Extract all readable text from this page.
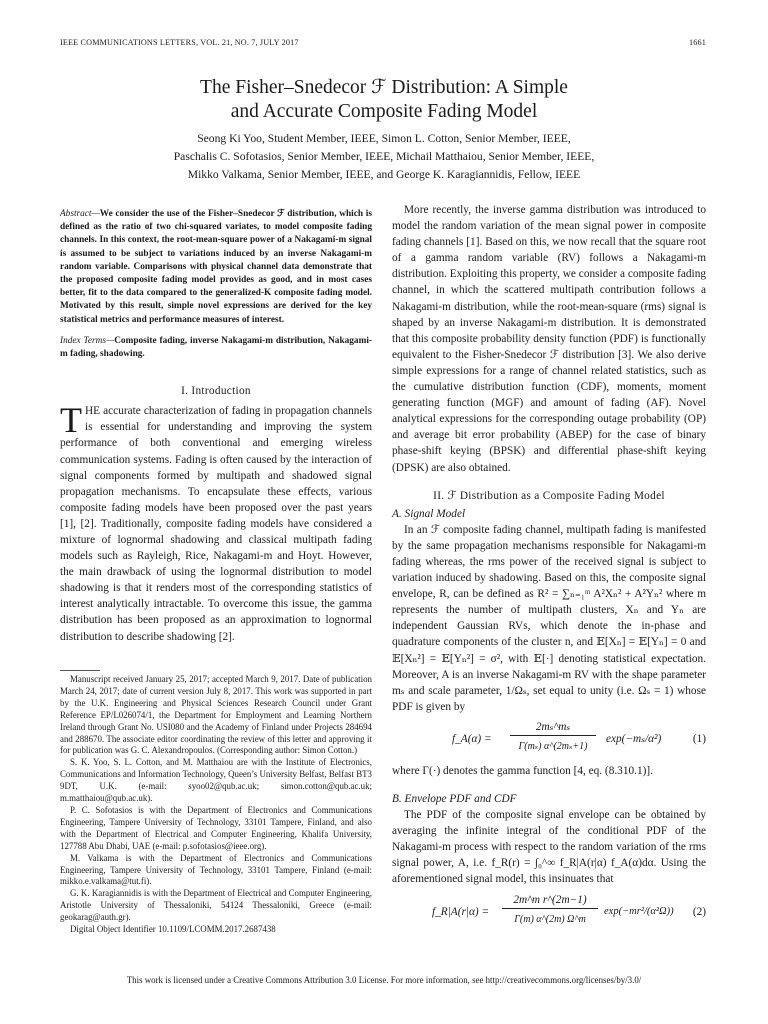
IEEE COMMUNICATIONS LETTERS, VOL. 21, NO. 7, JULY 2017	1661
The Fisher–Snedecor ℱ Distribution: A Simple
and Accurate Composite Fading Model
Seong Ki Yoo, Student Member, IEEE, Simon L. Cotton, Senior Member, IEEE,
Paschalis C. Sofotasios, Senior Member, IEEE, Michail Matthaiou, Senior Member, IEEE,
Mikko Valkama, Senior Member, IEEE, and George K. Karagiannidis, Fellow, IEEE
Abstract—We consider the use of the Fisher–Snedecor ℱ distribution, which is defined as the ratio of two chi-squared variates, to model composite fading channels. In this context, the root-mean-square power of a Nakagami-m signal is assumed to be subject to variations induced by an inverse Nakagami-m random variable. Comparisons with physical channel data demonstrate that the proposed composite fading model provides as good, and in most cases better, fit to the data compared to the generalized-K composite fading model. Motivated by this result, simple novel expressions are derived for the key statistical metrics and performance measures of interest.
Index Terms—Composite fading, inverse Nakagami-m distribution, Nakagami-m fading, shadowing.
I. Introduction

THE accurate characterization of fading in propagation channels is essential for understanding and improving the system performance of both conventional and emerging wireless communication systems. Fading is often caused by the interaction of signal components formed by multipath and shadowed signal propagation mechanisms. To encapsulate these effects, various composite fading models have been proposed over the past years [1], [2]. Traditionally, composite fading models have considered a mixture of lognormal shadowing and classical multipath fading models such as Rayleigh, Rice, Nakagami-m and Hoyt. However, the main drawback of using the lognormal distribution to model shadowing is that it renders most of the corresponding statistics of interest analytically intractable. To overcome this issue, the gamma distribution has been proposed as an approximation to lognormal distribution to describe shadowing [2].

Manuscript received January 25, 2017; accepted March 9, 2017. Date of publication March 24, 2017; date of current version July 8, 2017. This work was supported in part by the U.K. Engineering and Physical Sciences Research Council under Grant Reference EP/L026074/1, the Department for Employment and Learning Northern Ireland through Grant No. USI080 and the Academy of Finland under Projects 284694 and 288670. The associate editor coordinating the review of this letter and approving it for publication was G. C. Alexandropoulos. (Corresponding author: Simon Cotton.)

S. K. Yoo, S. L. Cotton, and M. Matthaiou are with the Institute of Electronics, Communications and Information Technology, Queen’s University Belfast, Belfast BT3 9DT, U.K. (e-mail: syoo02@qub.ac.uk; simon.cotton@qub.ac.uk; m.matthaiou@qub.ac.uk).

P. C. Sofotasios is with the Department of Electronics and Communications Engineering, Tampere University of Technology, 33101 Tampere, Finland, and also with the Department of Electrical and Computer Engineering, Khalifa University, 127788 Abu Dhabi, UAE (e-mail: p.sofotasios@ieee.org).

M. Valkama is with the Department of Electronics and Communications Engineering, Tampere University of Technology, 33101 Tampere, Finland (e-mail: mikko.e.valkama@tut.fi).

G. K. Karagiannidis is with the Department of Electrical and Computer Engineering, Aristotle University of Thessaloniki, 54124 Thessaloniki, Greece (e-mail: geokarag@auth.gr).

Digital Object Identifier 10.1109/LCOMM.2017.2687438

More recently, the inverse gamma distribution was introduced to model the random variation of the mean signal power in composite fading channels [1]. Based on this, we now recall that the square root of a gamma random variable (RV) follows a Nakagami-m distribution. Exploiting this property, we consider a composite fading channel, in which the scattered multipath contribution follows a Nakagami-m distribution, while the root-mean-square (rms) signal is shaped by an inverse Nakagami-m distribution. It is demonstrated that this composite probability density function (PDF) is functionally equivalent to the Fisher-Snedecor ℱ distribution [3]. We also derive simple expressions for a range of channel related statistics, such as the cumulative distribution function (CDF), moments, moment generating function (MGF) and amount of fading (AF). Novel analytical expressions for the corresponding outage probability (OP) and average bit error probability (ABEP) for the case of binary phase-shift keying (BPSK) and differential phase-shift keying (DPSK) are also obtained.

II. ℱ Distribution as a Composite Fading Model
A. Signal Model

In an ℱ composite fading channel, multipath fading is manifested by the same propagation mechanisms responsible for Nakagami-m fading whereas, the rms power of the received signal is subject to variation induced by shadowing. Based on this, the composite signal envelope, R, can be defined as R² = ∑ₙ₌₁ᵐ A²Xₙ² + A²Yₙ² where m represents the number of multipath clusters, Xₙ and Yₙ are independent Gaussian RVs, which denote the in-phase and quadrature components of the cluster n, and 𝔼[Xₙ] = 𝔼[Yₙ] = 0 and 𝔼[Xₙ²] = 𝔼[Yₙ²] = σ², with 𝔼[·] denoting statistical expectation. Moreover, A is an inverse Nakagami-m RV with the shape parameter mₛ and scale parameter, 1/Ωₛ, set equal to unity (i.e. Ωₛ = 1) whose PDF is given by

f_A(α) =
2mₛ^mₛ
Γ(mₛ) α^(2mₛ+1)
exp(−mₛ/α²)	(1)

where Γ(·) denotes the gamma function [4, eq. (8.310.1)].

B. Envelope PDF and CDF

The PDF of the composite signal envelope can be obtained by averaging the infinite integral of the conditional PDF of the Nakagami-m process with respect to the random variation of the rms signal power, A, i.e. f_R(r) = ∫₀^∞ f_R|A(r|α) f_A(α)dα. Using the aforementioned signal model, this insinuates that

f_R|A(r|α) =
2m^m r^(2m−1)
Γ(m) α^(2m) Ω^m
exp(−mr²/(α²Ω)) (2)
This work is licensed under a Creative Commons Attribution 3.0 License. For more information, see http://creativecommons.org/licenses/by/3.0/
